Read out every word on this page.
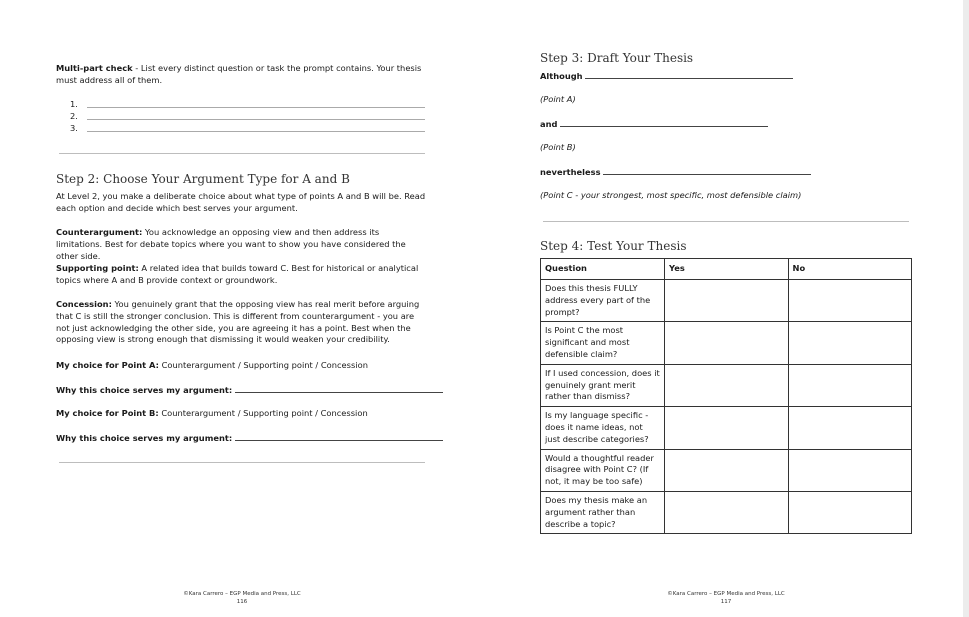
Multi-part check - List every distinct question or task the prompt contains. Your thesis must address all of them.
1.
2.
3.
Step 2: Choose Your Argument Type for A and B
At Level 2, you make a deliberate choice about what type of points A and B will be. Read each option and decide which best serves your argument.
Counterargument: You acknowledge an opposing view and then address its limitations. Best for debate topics where you want to show you have considered the other side.
Supporting point: A related idea that builds toward C. Best for historical or analytical topics where A and B provide context or groundwork.
Concession: You genuinely grant that the opposing view has real merit before arguing that C is still the stronger conclusion. This is different from counterargument - you are not just acknowledging the other side, you are agreeing it has a point. Best when the opposing view is strong enough that dismissing it would weaken your credibility.
My choice for Point A: Counterargument / Supporting point / Concession
Why this choice serves my argument:
My choice for Point B: Counterargument / Supporting point / Concession
Why this choice serves my argument:
©Kara Carrero – EGP Media and Press, LLC
116
Step 3: Draft Your Thesis
Although
(Point A)
and
(Point B)
nevertheless
(Point C - your strongest, most specific, most defensible claim)
Step 4: Test Your Thesis
Question	Yes	No
Does this thesis FULLY address every part of the prompt?		
Is Point C the most significant and most defensible claim?		
If I used concession, does it genuinely grant merit rather than dismiss?		
Is my language specific - does it name ideas, not just describe categories?		
Would a thoughtful reader disagree with Point C? (If not, it may be too safe)		
Does my thesis make an argument rather than describe a topic?		
©Kara Carrero – EGP Media and Press, LLC
117
